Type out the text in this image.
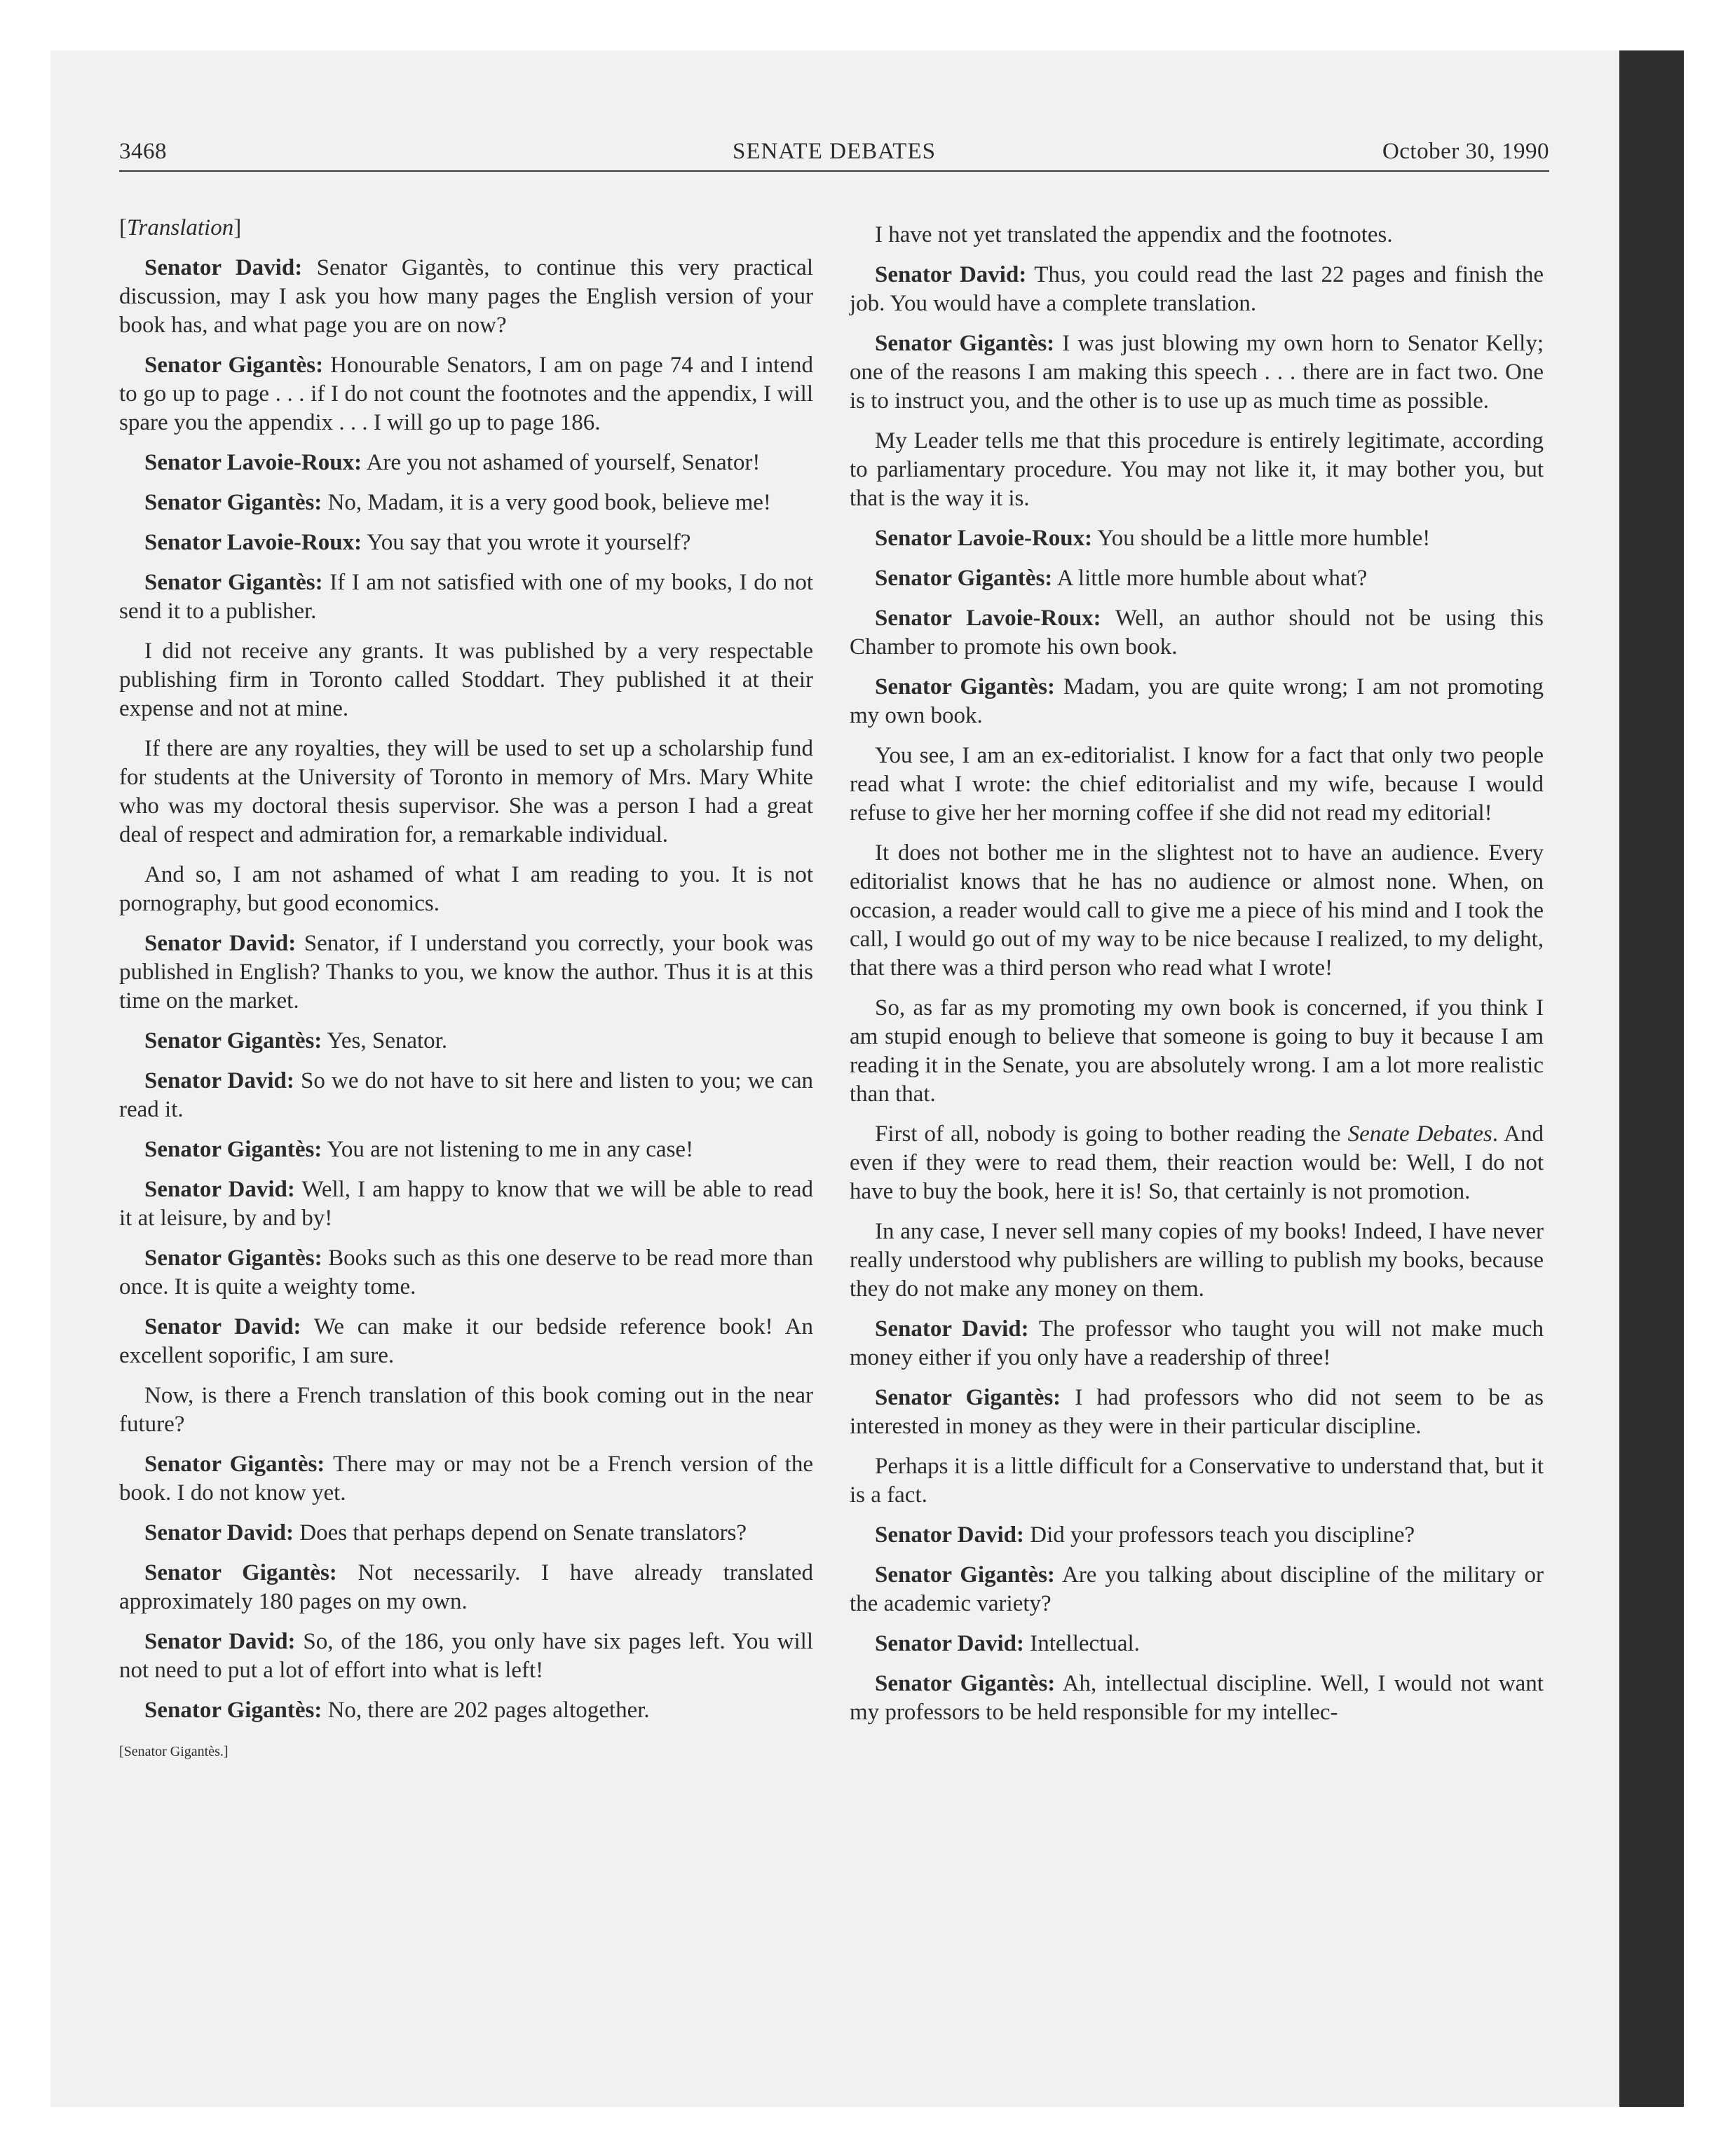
3468	SENATE DEBATES	October 30, 1990

[Translation]

Senator David: Senator Gigantès, to continue this very practical discussion, may I ask you how many pages the English version of your book has, and what page you are on now?

Senator Gigantès: Honourable Senators, I am on page 74 and I intend to go up to page . . . if I do not count the footnotes and the appendix, I will spare you the appendix . . . I will go up to page 186.

Senator Lavoie-Roux: Are you not ashamed of yourself, Senator!

Senator Gigantès: No, Madam, it is a very good book, believe me!

Senator Lavoie-Roux: You say that you wrote it yourself?

Senator Gigantès: If I am not satisfied with one of my books, I do not send it to a publisher.

I did not receive any grants. It was published by a very respectable publishing firm in Toronto called Stoddart. They published it at their expense and not at mine.

If there are any royalties, they will be used to set up a scholarship fund for students at the University of Toronto in memory of Mrs. Mary White who was my doctoral thesis supervisor. She was a person I had a great deal of respect and admiration for, a remarkable individual.

And so, I am not ashamed of what I am reading to you. It is not pornography, but good economics.

Senator David: Senator, if I understand you correctly, your book was published in English? Thanks to you, we know the author. Thus it is at this time on the market.

Senator Gigantès: Yes, Senator.

Senator David: So we do not have to sit here and listen to you; we can read it.

Senator Gigantès: You are not listening to me in any case!

Senator David: Well, I am happy to know that we will be able to read it at leisure, by and by!

Senator Gigantès: Books such as this one deserve to be read more than once. It is quite a weighty tome.

Senator David: We can make it our bedside reference book! An excellent soporific, I am sure.

Now, is there a French translation of this book coming out in the near future?

Senator Gigantès: There may or may not be a French version of the book. I do not know yet.

Senator David: Does that perhaps depend on Senate translators?

Senator Gigantès: Not necessarily. I have already translated approximately 180 pages on my own.

Senator David: So, of the 186, you only have six pages left. You will not need to put a lot of effort into what is left!

Senator Gigantès: No, there are 202 pages altogether.

[Senator Gigantès.]

I have not yet translated the appendix and the footnotes.

Senator David: Thus, you could read the last 22 pages and finish the job. You would have a complete translation.

Senator Gigantès: I was just blowing my own horn to Senator Kelly; one of the reasons I am making this speech . . . there are in fact two. One is to instruct you, and the other is to use up as much time as possible.

My Leader tells me that this procedure is entirely legitimate, according to parliamentary procedure. You may not like it, it may bother you, but that is the way it is.

Senator Lavoie-Roux: You should be a little more humble!

Senator Gigantès: A little more humble about what?

Senator Lavoie-Roux: Well, an author should not be using this Chamber to promote his own book.

Senator Gigantès: Madam, you are quite wrong; I am not promoting my own book.

You see, I am an ex-editorialist. I know for a fact that only two people read what I wrote: the chief editorialist and my wife, because I would refuse to give her her morning coffee if she did not read my editorial!

It does not bother me in the slightest not to have an audience. Every editorialist knows that he has no audience or almost none. When, on occasion, a reader would call to give me a piece of his mind and I took the call, I would go out of my way to be nice because I realized, to my delight, that there was a third person who read what I wrote!

So, as far as my promoting my own book is concerned, if you think I am stupid enough to believe that someone is going to buy it because I am reading it in the Senate, you are absolutely wrong. I am a lot more realistic than that.

First of all, nobody is going to bother reading the Senate Debates. And even if they were to read them, their reaction would be: Well, I do not have to buy the book, here it is! So, that certainly is not promotion.

In any case, I never sell many copies of my books! Indeed, I have never really understood why publishers are willing to publish my books, because they do not make any money on them.

Senator David: The professor who taught you will not make much money either if you only have a readership of three!

Senator Gigantès: I had professors who did not seem to be as interested in money as they were in their particular discipline.

Perhaps it is a little difficult for a Conservative to understand that, but it is a fact.

Senator David: Did your professors teach you discipline?

Senator Gigantès: Are you talking about discipline of the military or the academic variety?

Senator David: Intellectual.

Senator Gigantès: Ah, intellectual discipline. Well, I would not want my professors to be held responsible for my intellec-
